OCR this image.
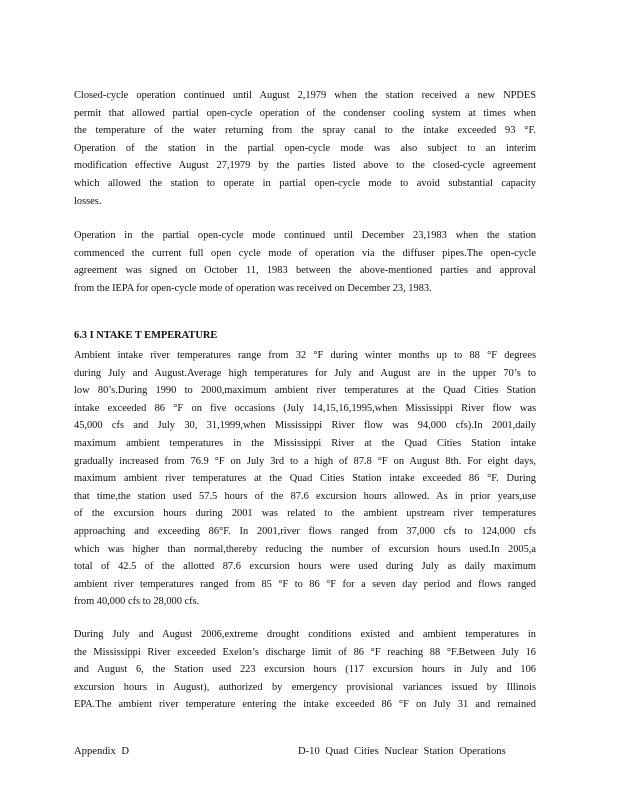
Closed-cycle operation continued until August 2,1979 when the station received a new NPDES
permit that allowed partial open-cycle operation of the condenser cooling system at times when
the temperature of the water returning from the spray canal to the intake exceeded 93 °F.
Operation of the station in the partial open-cycle mode was also subject to an interim
modification effective August 27,1979 by the parties listed above to the closed-cycle agreement
which allowed the station to operate in partial open-cycle mode to avoid substantial capacity
losses.
Operation in the partial open-cycle mode continued until December 23,1983 when the station
commenced the current full open cycle mode of operation via the diffuser pipes.The open-cycle
agreement was signed on October 11, 1983 between the above-mentioned parties and approval
from the IEPA for open-cycle mode of operation was received on December 23, 1983.
6.3 I NTAKE T EMPERATURE
Ambient intake river temperatures range from 32 °F during winter months up to 88 °F degrees
during July and August.Average high temperatures for July and August are in the upper 70’s to
low 80’s.During 1990 to 2000,maximum ambient river temperatures at the Quad Cities Station
intake exceeded 86 °F on five occasions (July 14,15,16,1995,when Mississippi River flow was
45,000 cfs and July 30, 31,1999,when Mississippi River flow was 94,000 cfs).In 2001,daily
maximum ambient temperatures in the Mississippi River at the Quad Cities Station intake
gradually increased from 76.9 °F on July 3rd to a high of 87.8 °F on August 8th. For eight days,
maximum ambient river temperatures at the Quad Cities Station intake exceeded 86 °F. During
that time,the station used 57.5 hours of the 87.6 excursion hours allowed. As in prior years,use
of the excursion hours during 2001 was related to the ambient upstream river temperatures
approaching and exceeding 86°F. In 2001,river flows ranged from 37,000 cfs to 124,000 cfs
which was higher than normal,thereby reducing the number of excursion hours used.In 2005,a
total of 42.5 of the allotted 87.6 excursion hours were used during July as daily maximum
ambient river temperatures ranged from 85 °F to 86 °F for a seven day period and flows ranged
from 40,000 cfs to 28,000 cfs.
During July and August 2006,extreme drought conditions existed and ambient temperatures in
the Mississippi River exceeded Exelon’s discharge limit of 86 °F reaching 88 °F.Between July 16
and August 6, the Station used 223 excursion hours (117 excursion hours in July and 106
excursion hours in August), authorized by emergency provisional variances issued by Illinois
EPA.The ambient river temperature entering the intake exceeded 86 °F on July 31 and remained
Appendix D	D-10 Quad Cities Nuclear Station Operations
